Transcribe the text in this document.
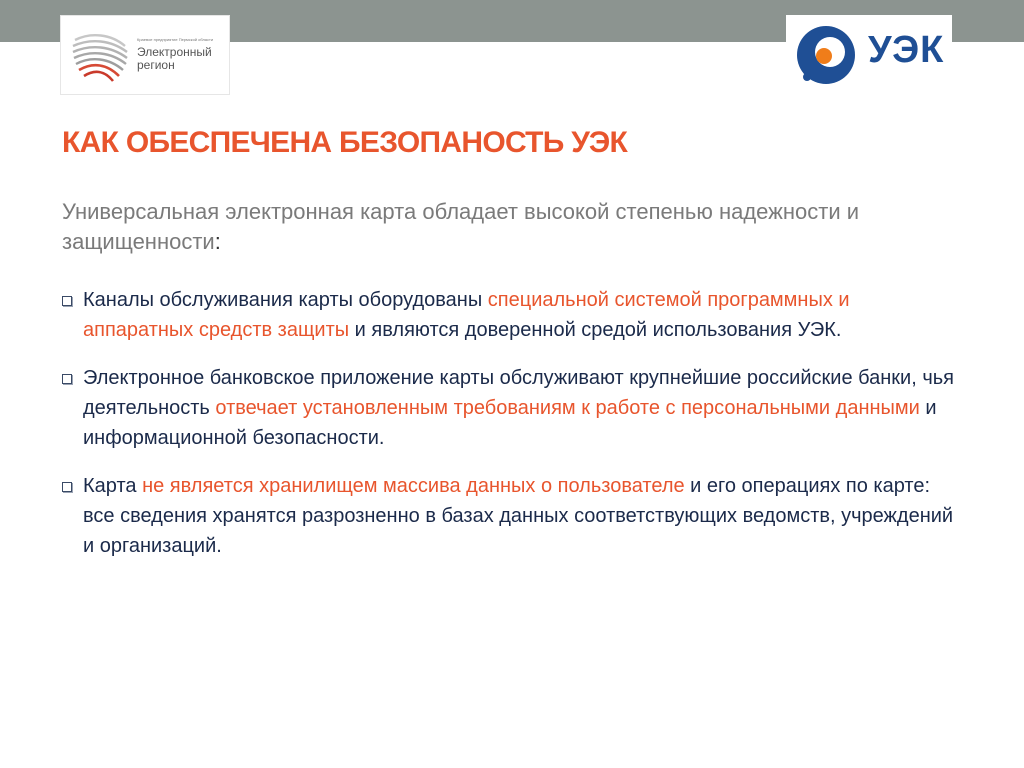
Краевое предприятие Пермской области
Электронный
регион	УЭК
КАК ОБЕСПЕЧЕНА БЕЗОПАНОСТЬ УЭК

Универсальная электронная карта обладает высокой степенью надежности и защищенности:

Каналы обслуживания карты оборудованы специальной системой программных и аппаратных средств защиты и являются доверенной средой использования УЭК.
Электронное банковское приложение карты обслуживают крупнейшие российские банки, чья деятельность отвечает установленным требованиям к работе с персональными данными и информационной безопасности.
Карта не является хранилищем массива данных о пользователе и его операциях по карте: все сведения хранятся разрозненно в базах данных соответствующих ведомств, учреждений и организаций.
